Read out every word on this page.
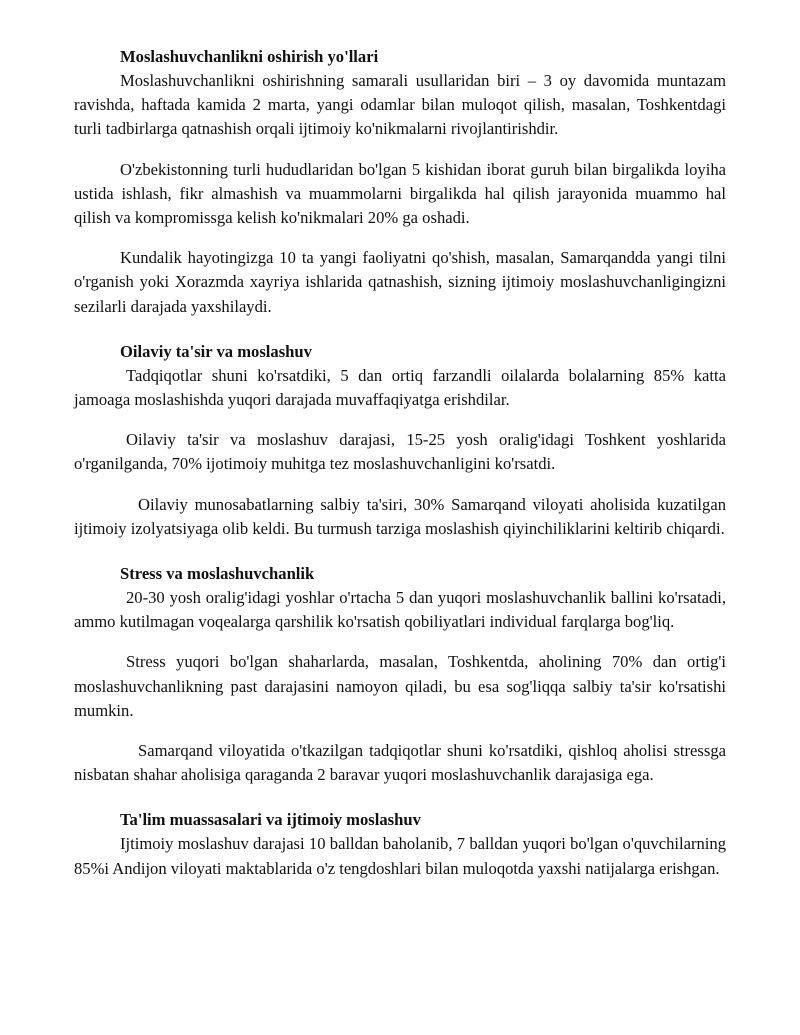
Moslashuvchanlikni oshirish yo'llari

Moslashuvchanlikni oshirishning samarali usullaridan biri – 3 oy davomida muntazam ravishda, haftada kamida 2 marta, yangi odamlar bilan muloqot qilish, masalan, Toshkentdagi turli tadbirlarga qatnashish orqali ijtimoiy ko'nikmalarni rivojlantirishdir.

O'zbekistonning turli hududlaridan bo'lgan 5 kishidan iborat guruh bilan birgalikda loyiha ustida ishlash, fikr almashish va muammolarni birgalikda hal qilish jarayonida muammo hal qilish va kompromissga kelish ko'nikmalari 20% ga oshadi.

Kundalik hayotingizga 10 ta yangi faoliyatni qo'shish, masalan, Samarqandda yangi tilni o'rganish yoki Xorazmda xayriya ishlarida qatnashish, sizning ijtimoiy moslashuvchanligingizni sezilarli darajada yaxshilaydi.

Oilaviy ta'sir va moslashuv

Tadqiqotlar shuni ko'rsatdiki, 5 dan ortiq farzandli oilalarda bolalarning 85% katta jamoaga moslashishda yuqori darajada muvaffaqiyatga erishdilar.

Oilaviy ta'sir va moslashuv darajasi, 15-25 yosh oralig'idagi Toshkent yoshlarida o'rganilganda, 70% ijotimoiy muhitga tez moslashuvchanligini ko'rsatdi.

Oilaviy munosabatlarning salbiy ta'siri, 30% Samarqand viloyati aholisida kuzatilgan ijtimoiy izolyatsiyaga olib keldi. Bu turmush tarziga moslashish qiyinchiliklarini keltirib chiqardi.

Stress va moslashuvchanlik

20-30 yosh oralig'idagi yoshlar o'rtacha 5 dan yuqori moslashuvchanlik ballini ko'rsatadi, ammo kutilmagan voqealarga qarshilik ko'rsatish qobiliyatlari individual farqlarga bog'liq.

Stress yuqori bo'lgan shaharlarda, masalan, Toshkentda, aholining 70% dan ortig'i moslashuvchanlikning past darajasini namoyon qiladi, bu esa sog'liqqa salbiy ta'sir ko'rsatishi mumkin.

Samarqand viloyatida o'tkazilgan tadqiqotlar shuni ko'rsatdiki, qishloq aholisi stressga nisbatan shahar aholisiga qaraganda 2 baravar yuqori moslashuvchanlik darajasiga ega.

Ta'lim muassasalari va ijtimoiy moslashuv

Ijtimoiy moslashuv darajasi 10 balldan baholanib, 7 balldan yuqori bo'lgan o'quvchilarning 85%i Andijon viloyati maktablarida o'z tengdoshlari bilan muloqotda yaxshi natijalarga erishgan.
